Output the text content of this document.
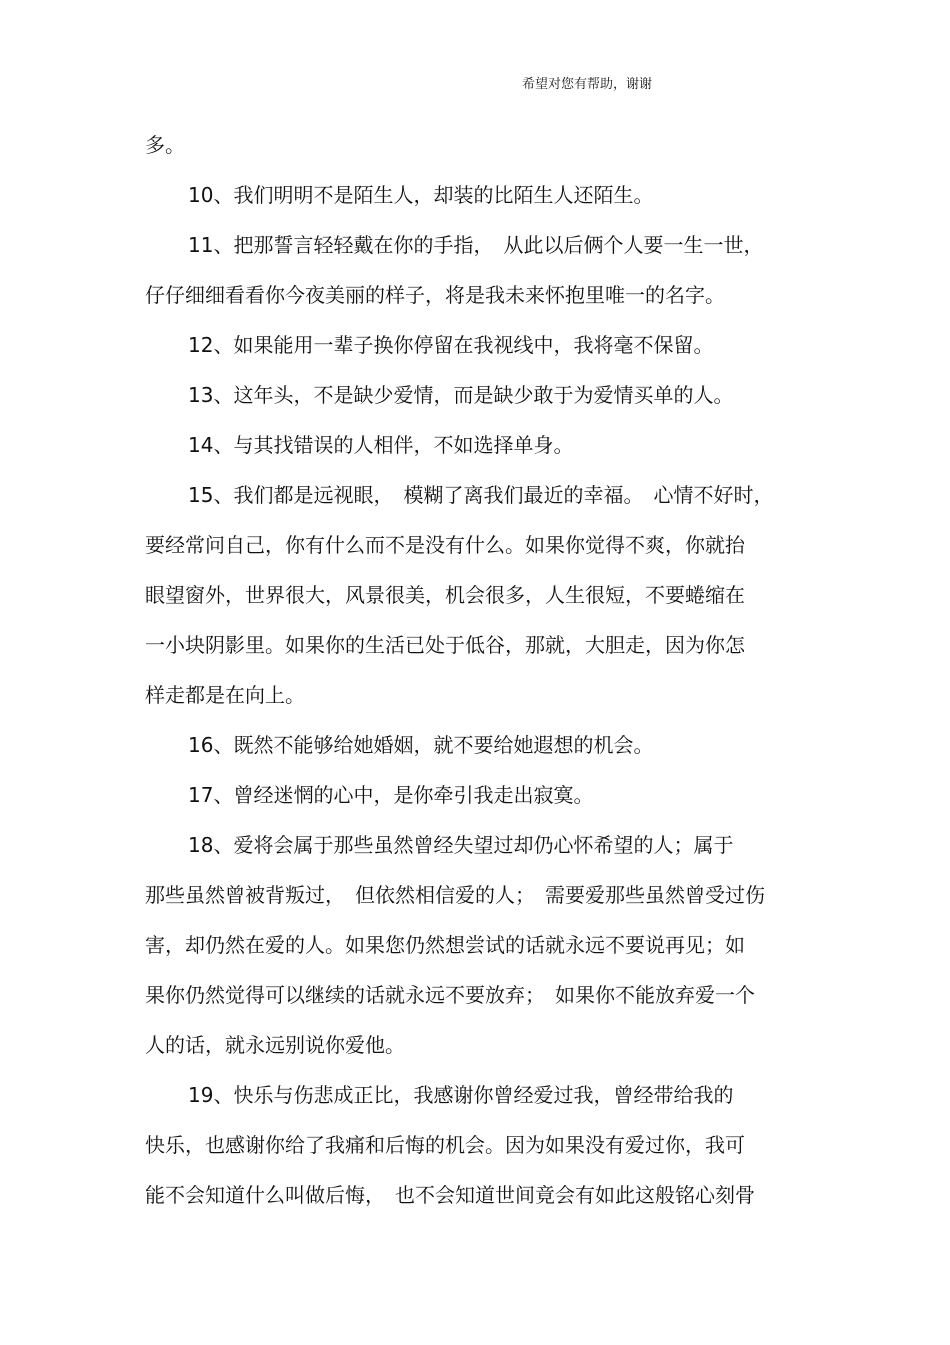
希望对您有帮助，谢谢
多。
10、我们明明不是陌生人，却装的比陌生人还陌生。
11、把那誓言轻轻戴在你的手指，　从此以后俩个人要一生一世，
仔仔细细看看你今夜美丽的样子，将是我未来怀抱里唯一的名字。
12、如果能用一辈子换你停留在我视线中，我将毫不保留。
13、这年头，不是缺少爱情，而是缺少敢于为爱情买单的人。
14、与其找错误的人相伴，不如选择单身。
15、我们都是远视眼，　模糊了离我们最近的幸福。　心情不好时，
要经常问自己，你有什么而不是没有什么。如果你觉得不爽，你就抬
眼望窗外，世界很大，风景很美，机会很多，人生很短，不要蜷缩在
一小块阴影里。如果你的生活已处于低谷，那就，大胆走，因为你怎
样走都是在向上。
16、既然不能够给她婚姻，就不要给她遐想的机会。
17、曾经迷惘的心中，是你牵引我走出寂寞。
18、爱将会属于那些虽然曾经失望过却仍心怀希望的人；属于
那些虽然曾被背叛过，　但依然相信爱的人；　需要爱那些虽然曾受过伤
害，却仍然在爱的人。如果您仍然想尝试的话就永远不要说再见；如
果你仍然觉得可以继续的话就永远不要放弃；　如果你不能放弃爱一个
人的话，就永远别说你爱他。
19、快乐与伤悲成正比，我感谢你曾经爱过我，曾经带给我的
快乐，也感谢你给了我痛和后悔的机会。因为如果没有爱过你，我可
能不会知道什么叫做后悔，　也不会知道世间竟会有如此这般铭心刻骨
